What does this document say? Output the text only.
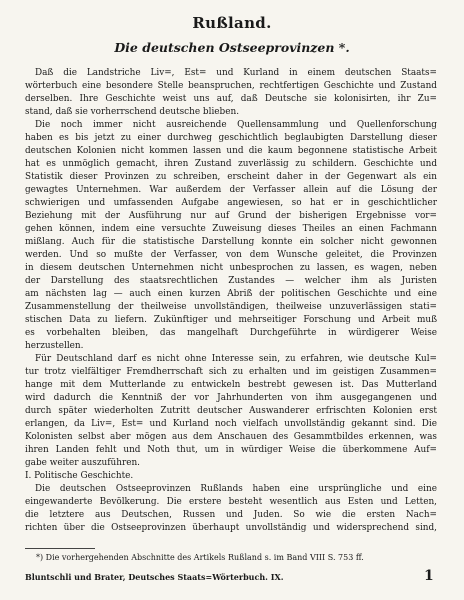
Rußland.
Die deutschen Ostseeprovinzen *.
Daß die Landstriche Liv=, Est= und Kurland in einem deutschen Staats=
wörterbuch eine besondere Stelle beanspruchen, rechtfertigen Geschichte und Zustand
derselben. Ihre Geschichte weist uns auf, daß Deutsche sie kolonisirten, ihr Zu=
stand, daß sie vorherrschend deutsche blieben.
Die noch immer nicht ausreichende Quellensammlung und Quellenforschung
haben es bis jetzt zu einer durchweg geschichtlich beglaubigten Darstellung dieser
deutschen Kolonien nicht kommen lassen und die kaum begonnene statistische Arbeit
hat es unmöglich gemacht, ihren Zustand zuverlässig zu schildern. Geschichte und
Statistik dieser Provinzen zu schreiben, erscheint daher in der Gegenwart als ein
gewagtes Unternehmen. War außerdem der Verfasser allein auf die Lösung der
schwierigen und umfassenden Aufgabe angewiesen, so hat er in geschichtlicher
Beziehung mit der Ausführung nur auf Grund der bisherigen Ergebnisse vor=
gehen können, indem eine versuchte Zuweisung dieses Theiles an einen Fachmann
mißlang. Auch für die statistische Darstellung konnte ein solcher nicht gewonnen
werden. Und so mußte der Verfasser, von dem Wunsche geleitet, die Provinzen
in diesem deutschen Unternehmen nicht unbesprochen zu lassen, es wagen, neben
der Darstellung des staatsrechtlichen Zustandes — welcher ihm als Juristen
am nächsten lag — auch einen kurzen Abriß der politischen Geschichte und eine
Zusammenstellung der theilweise unvollständigen, theilweise unzuverlässigen stati=
stischen Data zu liefern. Zukünftiger und mehrseitiger Forschung und Arbeit muß
es vorbehalten bleiben, das mangelhaft Durchgeführte in würdigerer Weise
herzustellen.
Für Deutschland darf es nicht ohne Interesse sein, zu erfahren, wie deutsche Kul=
tur trotz vielfältiger Fremdherrschaft sich zu erhalten und im geistigen Zusammen=
hange mit dem Mutterlande zu entwickeln bestrebt gewesen ist. Das Mutterland
wird dadurch die Kenntniß der vor Jahrhunderten von ihm ausgegangenen und
durch später wiederholten Zutritt deutscher Auswanderer erfrischten Kolonien erst
erlangen, da Liv=, Est= und Kurland noch vielfach unvollständig gekannt sind. Die
Kolonisten selbst aber mögen aus dem Anschauen des Gesammtbildes erkennen, was
ihren Landen fehlt und Noth thut, um in würdiger Weise die überkommene Auf=
gabe weiter auszuführen.
I. Politische Geschichte.
Die deutschen Ostseeprovinzen Rußlands haben eine ursprüngliche und eine
eingewanderte Bevölkerung. Die erstere besteht wesentlich aus Esten und Letten,
die letztere aus Deutschen, Russen und Juden. So wie die ersten Nach=
richten über die Ostseeprovinzen überhaupt unvollständig und widersprechend sind,
*) Die vorhergehenden Abschnitte des Artikels Rußland s. im Band VIII S. 753 ff.
Bluntschli und Brater, Deutsches Staats=Wörterbuch. IX.	1
